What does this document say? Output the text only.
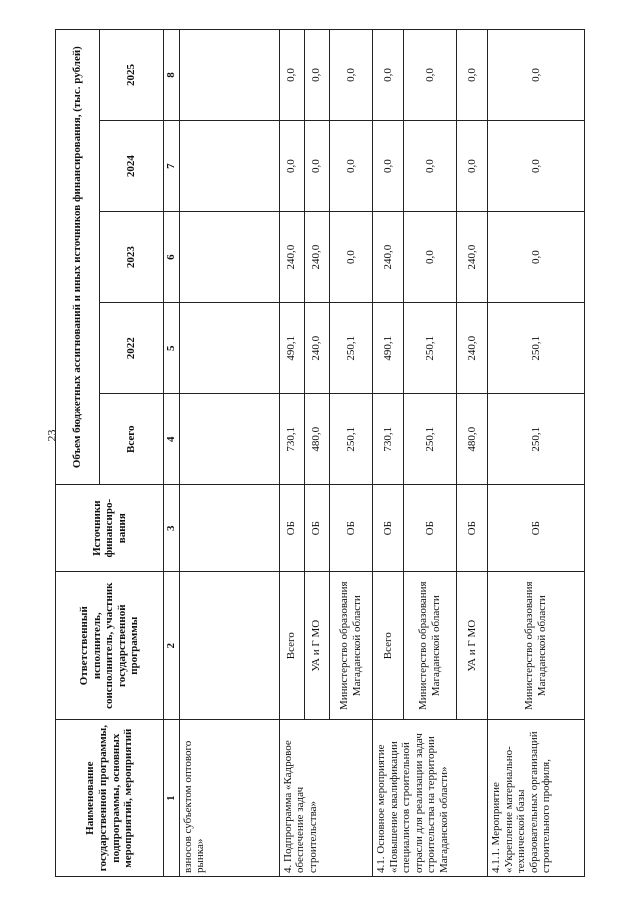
23
Наименование государственной программы, подпрограммы, основных мероприятий, мероприятий	Ответственный исполнитель, соисполнитель, участник государственной программы	Источники финансиро-вания	Объем бюджетных ассигнований и иных источников финансирования, (тыс. рублей)				
			Всего	2022	2023	2024	2025
1	2	3	4	5	6	7	8
взносов субъектом оптового рынка»							
4. Подпрограмма «Кадровое обеспечение задач строительства»	Всего	ОБ	730,1	490,1	240,0	0,0	0,0
	УА и Г МО	ОБ	480,0	240,0	240,0	0,0	0,0
	Министерство образования Магаданской области	ОБ	250,1	250,1	0,0	0,0	0,0
4.1. Основное мероприятие «Повышение квалификации специалистов строительной отрасли для реализации задач строительства на территории Магаданской области»	Всего	ОБ	730,1	490,1	240,0	0,0	0,0
	Министерство образования Магаданской области	ОБ	250,1	250,1	0,0	0,0	0,0
	УА и Г МО	ОБ	480,0	240,0	240,0	0,0	0,0
4.1.1. Мероприятие «Укрепление материально-технической базы образовательных организаций строительного профиля,	Министерство образования Магаданской области	ОБ	250,1	250,1	0,0	0,0	0,0
